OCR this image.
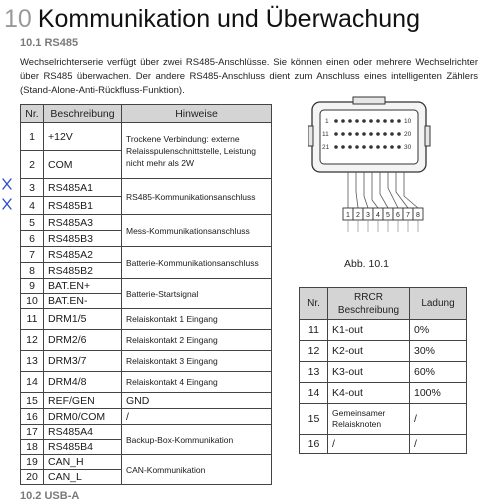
10 Kommunikation und Überwachung
10.1 RS485
Wechselrichterserie verfügt über zwei RS485-Anschlüsse. Sie können einen oder mehrere Wechselrichter über RS485 überwachen. Der andere RS485-Anschluss dient zum Anschluss eines intelligenten Zählers (Stand-Alone-Anti-Rückfluss-Funktion).
Nr.	Beschreibung	Hinweise
1	+12V	Trockene Verbindung: externe Relaisspulenschnittstelle, Leistung nicht mehr als 2W
2	COM	
3	RS485A1	RS485-Kommunikationsanschluss
4	RS485B1	
5	RS485A3	Mess-Kommunikationsanschluss
6	RS485B3	
7	RS485A2	Batterie-Kommunikationsanschluss
8	RS485B2	
9	BAT.EN+	Batterie-Startsignal
10	BAT.EN-	
11	DRM1/5	Relaiskontakt 1 Eingang
12	DRM2/6	Relaiskontakt 2 Eingang
13	DRM3/7	Relaiskontakt 3 Eingang
14	DRM4/8	Relaiskontakt 4 Eingang
15	REF/GEN	GND
16	DRM0/COM	/
17	RS485A4	Backup-Box-Kommunikation
18	RS485B4	
19	CAN_H	CAN-Kommunikation
20	CAN_L	
1	10
11	20
21	30
1 2 3 4 5 6 7 8
Abb. 10.1
Nr.	RRCR Beschreibung	Ladung
11	K1-out	0%
12	K2-out	30%
13	K3-out	60%
14	K4-out	100%
15	Gemeinsamer Relaisknoten	/
16	/	/
10.2 USB-A
